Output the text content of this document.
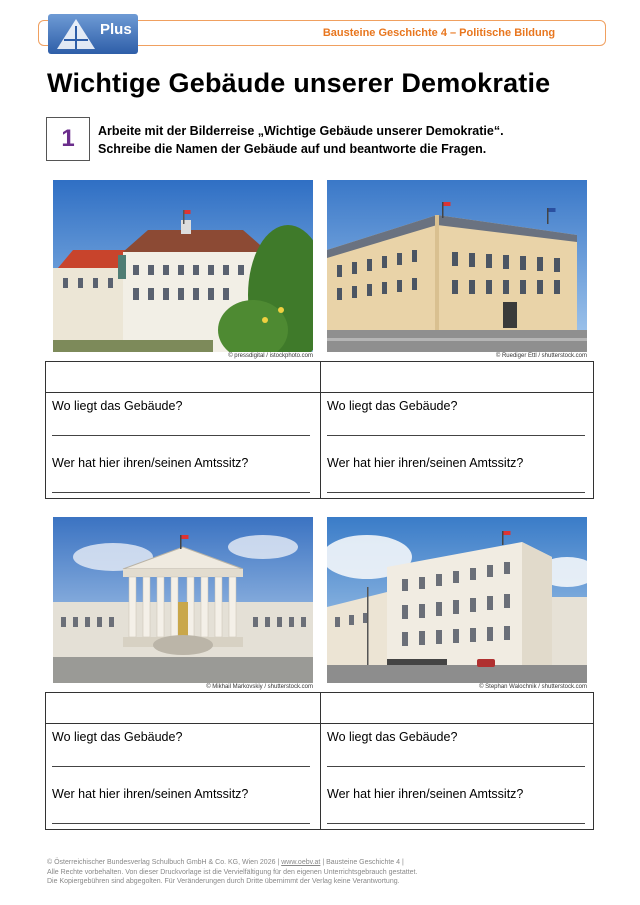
Bausteine Geschichte 4 – Politische Bildung
Plus
Wichtige Gebäude unserer Demokratie
1	Arbeite mit der Bilderreise „Wichtige Gebäude unserer Demokratie“.
Schreibe die Namen der Gebäude auf und beantworte die Fragen.
© pressdigital / istockphoto.com	© Ruediger Ettl / shutterstock.com
Wo liegt das Gebäude?
Wer hat hier ihren/seinen Amtssitz?
Wo liegt das Gebäude?
Wer hat hier ihren/seinen Amtssitz?
© Mikhail Markovskiy / shutterstock.com	© Stephan Walochnik / shutterstock.com
Wo liegt das Gebäude?
Wer hat hier ihren/seinen Amtssitz?
Wo liegt das Gebäude?
Wer hat hier ihren/seinen Amtssitz?
© Österreichischer Bundesverlag Schulbuch GmbH & Co. KG, Wien 2026 | www.oebv.at | Bausteine Geschichte 4 |
Alle Rechte vorbehalten. Von dieser Druckvorlage ist die Vervielfältigung für den eigenen Unterrichtsgebrauch gestattet.
Die Kopiergebühren sind abgegolten. Für Veränderungen durch Dritte übernimmt der Verlag keine Verantwortung.
